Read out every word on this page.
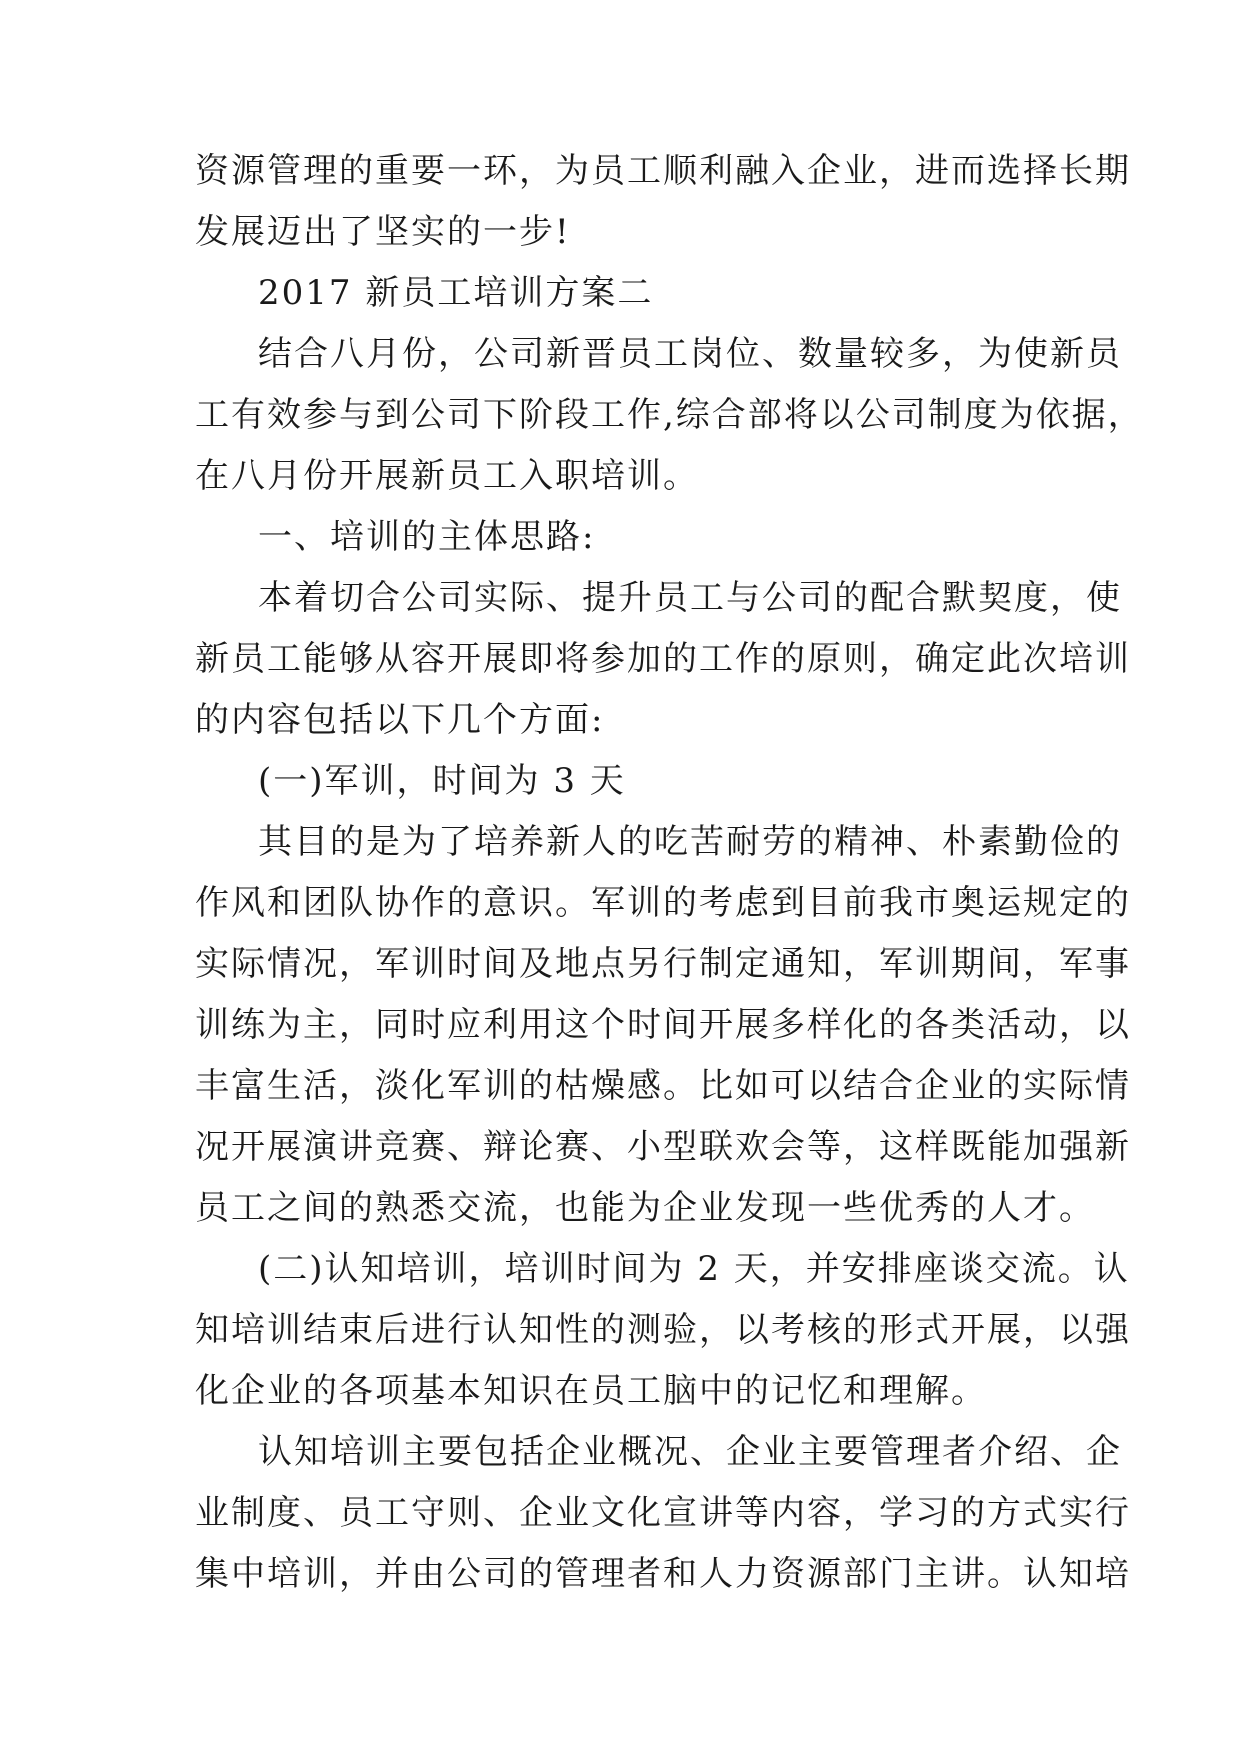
资源管理的重要一环，为员工顺利融入企业，进而选择长期
发展迈出了坚实的一步!
2017 新员工培训方案二
结合八月份，公司新晋员工岗位、数量较多，为使新员
工有效参与到公司下阶段工作,综合部将以公司制度为依据，
在八月份开展新员工入职培训。
一、培训的主体思路:
本着切合公司实际、提升员工与公司的配合默契度，使
新员工能够从容开展即将参加的工作的原则，确定此次培训
的内容包括以下几个方面:
(一)军训，时间为 3 天
其目的是为了培养新人的吃苦耐劳的精神、朴素勤俭的
作风和团队协作的意识。军训的考虑到目前我市奥运规定的
实际情况，军训时间及地点另行制定通知，军训期间，军事
训练为主，同时应利用这个时间开展多样化的各类活动，以
丰富生活，淡化军训的枯燥感。比如可以结合企业的实际情
况开展演讲竞赛、辩论赛、小型联欢会等，这样既能加强新
员工之间的熟悉交流，也能为企业发现一些优秀的人才。
(二)认知培训，培训时间为 2 天，并安排座谈交流。认
知培训结束后进行认知性的测验，以考核的形式开展，以强
化企业的各项基本知识在员工脑中的记忆和理解。
认知培训主要包括企业概况、企业主要管理者介绍、企
业制度、员工守则、企业文化宣讲等内容，学习的方式实行
集中培训，并由公司的管理者和人力资源部门主讲。认知培
